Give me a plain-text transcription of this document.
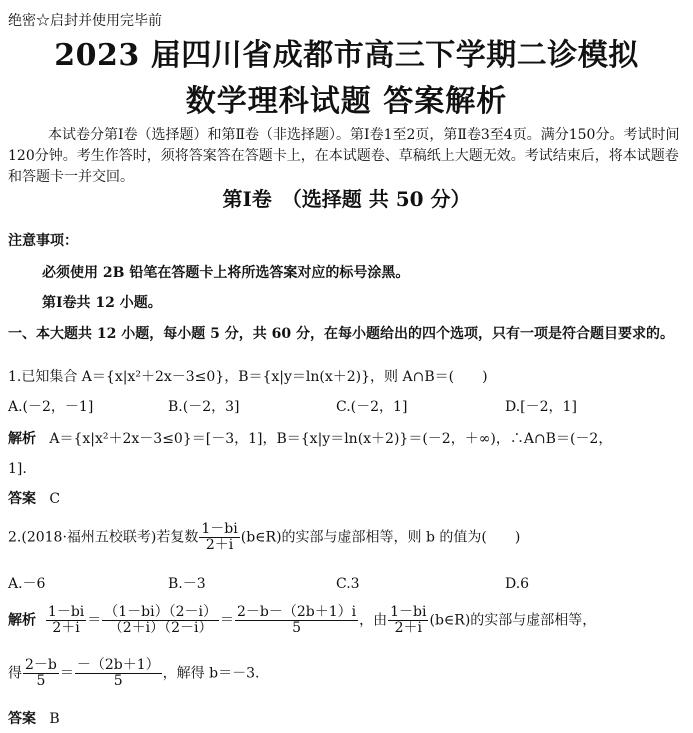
绝密☆启封并使用完毕前
2023 届四川省成都市高三下学期二诊模拟
数学理科试题 答案解析
本试卷分第Ⅰ卷（选择题）和第Ⅱ卷（非选择题）。第Ⅰ卷1至2页，第Ⅱ卷3至4页。满分150分。考试时间120分钟。考生作答时，须将答案答在答题卡上，在本试题卷、草稿纸上大题无效。考试结束后，将本试题卷和答题卡一并交回。
第Ⅰ卷　（选择题 共 50 分）
注意事项：
必须使用 2B 铅笔在答题卡上将所选答案对应的标号涂黑。
第Ⅰ卷共 12 小题。
一、本大题共 12 小题，每小题 5 分，共 60 分，在每小题给出的四个选项，只有一项是符合题目要求的。
1.已知集合 A＝{x|x²＋2x－3≤0}，B＝{x|y＝ln(x＋2)}，则 A∩B＝(　　)
A.(－2，－1]	B.(－2，3]	C.(－2，1]	D.[－2，1]
解析 A＝{x|x²＋2x－3≤0}＝[－3，1]，B＝{x|y＝ln(x＋2)}＝(－2，＋∞)，∴A∩B＝(－2，
1].
答案 C
2.(2018·福州五校联考)若复数 $\frac{1-bi}{2+i}$ (b∈R)的实部与虚部相等，则 b 的值为(　　)
A.－6	B.－3	C.3	D.6
解析 $\frac{1-bi}{2+i} = \frac{(1-bi)(2-i)}{(2+i)(2-i)} = \frac{2-b-(2b+1)i}{5}$ ，由 $\frac{1-bi}{2+i}$ (b∈R)的实部与虚部相等，
得 $\frac{2-b}{5} = \frac{-(2b+1)}{5}$ ，解得 b＝－3.
答案 B
